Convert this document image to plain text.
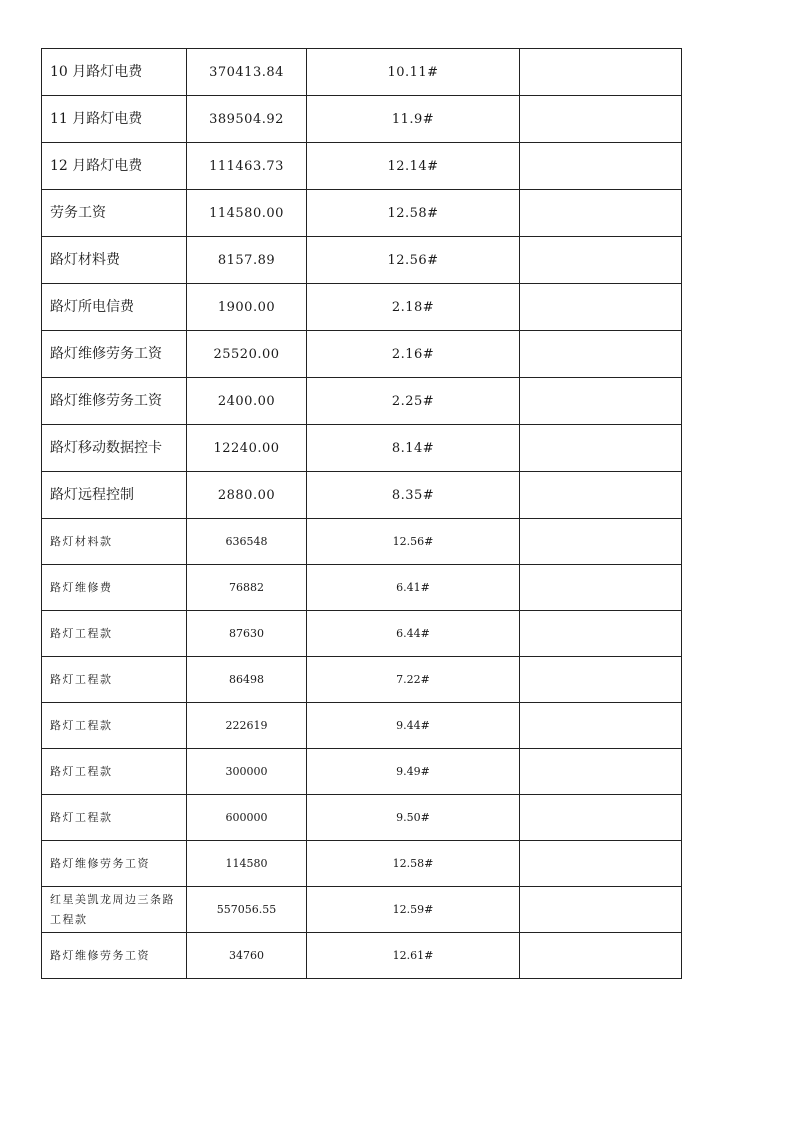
10 月路灯电费	370413.84	10.11#	
11 月路灯电费	389504.92	11.9#	
12 月路灯电费	111463.73	12.14#	
劳务工资	114580.00	12.58#	
路灯材料费	8157.89	12.56#	
路灯所电信费	1900.00	2.18#	
路灯维修劳务工资	25520.00	2.16#	
路灯维修劳务工资	2400.00	2.25#	
路灯移动数据控卡	12240.00	8.14#	
路灯远程控制	2880.00	8.35#	
路灯材料款	636548	12.56#	
路灯维修费	76882	6.41#	
路灯工程款	87630	6.44#	
路灯工程款	86498	7.22#	
路灯工程款	222619	9.44#	
路灯工程款	300000	9.49#	
路灯工程款	600000	9.50#	
路灯维修劳务工资	114580	12.58#	
红星美凯龙周边三条路工程款	557056.55	12.59#	
路灯维修劳务工资	34760	12.61#	
